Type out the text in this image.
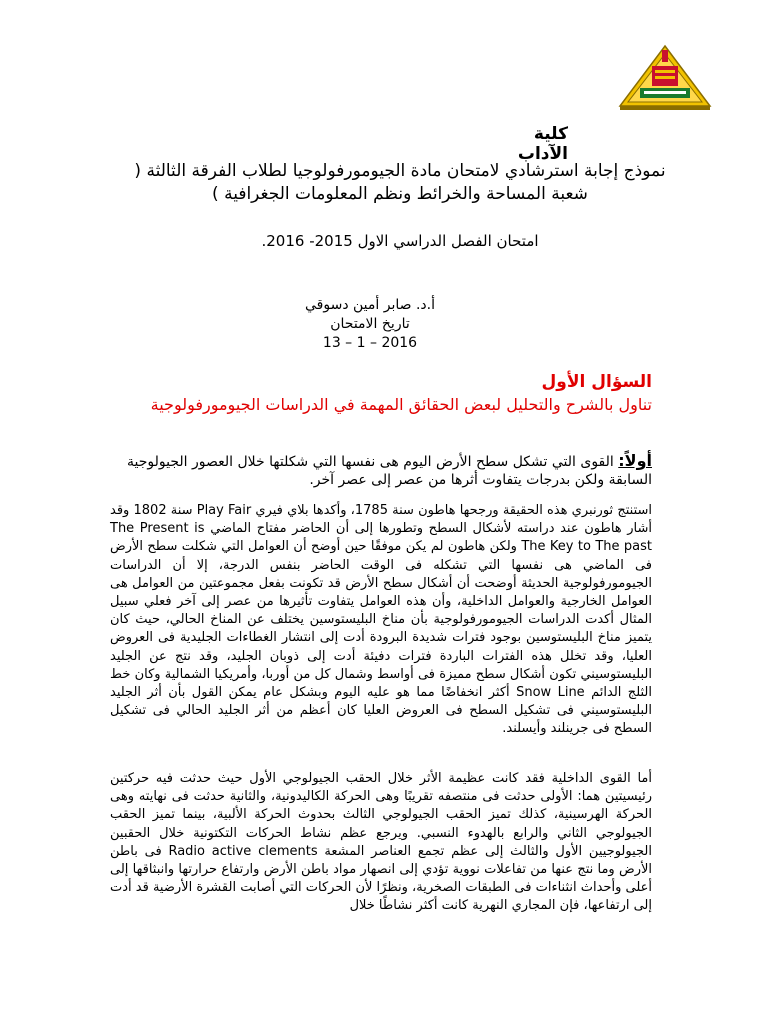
كلية الآداب
نموذج إجابة استرشادي لامتحان مادة الجيومورفولوجيا لطلاب الفرقة الثالثة ( شعبة المساحة والخرائط ونظم المعلومات الجغرافية )
امتحان الفصل الدراسي الاول 2015- 2016.
أ.د. صابر أمين دسوقي
تاريخ الامتحان
13 – 1 – 2016
السؤال الأول
تناول بالشرح والتحليل لبعض الحقائق المهمة في الدراسات الجيومورفولوجية
أولاً: القوى التي تشكل سطح الأرض اليوم هى نفسها التي شكلتها خلال العصور الجيولوجية السابقة ولكن بدرجات يتفاوت أثرها من عصر إلى عصر آخر.
استنتج ثورنبري هذه الحقيقة ورجحها هاطون سنة 1785، وأكدها بلاي فيري Play Fair سنة 1802 وقد أشار هاطون عند دراسته لأشكال السطح وتطورها إلى أن الحاضر مفتاح الماضي The Present is The Key to The past ولكن هاطون لم يكن موفقًا حين أوضح أن العوامل التي شكلت سطح الأرض فى الماضي هى نفسها التي تشكله فى الوقت الحاضر بنفس الدرجة، إلا أن الدراسات الجيومورفولوجية الحديثة أوضحت أن أشكال سطح الأرض قد تكونت بفعل مجموعتين من العوامل هى العوامل الخارجية والعوامل الداخلية، وأن هذه العوامل يتفاوت تأثيرها من عصر إلى آخر فعلي سبيل المثال أكدت الدراسات الجيومورفولوجية بأن مناخ البليستوسين يختلف عن المناخ الحالي، حيث كان يتميز مناخ البليستوسين بوجود فترات شديدة البرودة أدت إلى انتشار الغطاءات الجليدية فى العروض العليا، وقد تخلل هذه الفترات الباردة فترات دفيئة أدت إلى ذوبان الجليد، وقد نتج عن الجليد البليستوسيني تكون أشكال سطح مميزة فى أواسط وشمال كل من أوربا، وأمريكيا الشمالية وكان خط الثلج الدائم Snow Line أكثر انخفاضًا مما هو عليه اليوم وبشكل عام يمكن القول بأن أثر الجليد البليستوسيني فى تشكيل السطح فى العروض العليا كان أعظم من أثر الجليد الحالي فى تشكيل السطح فى جرينلند وأيسلند.
أما القوى الداخلية فقد كانت عظيمة الأثر خلال الحقب الجيولوجي الأول حيث حدثت فيه حركتين رئيسيتين هما: الأولى حدثت فى منتصفه تقريبًا وهى الحركة الكاليدونية، والثانية حدثت فى نهايته وهى الحركة الهرسينية، كذلك تميز الحقب الجيولوجي الثالث بحدوث الحركة الألبية، بينما تميز الحقب الجيولوجي الثاني والرابع بالهدوء النسبي. ويرجع عظم نشاط الحركات التكتونية خلال الحقبين الجيولوجيين الأول والثالث إلى عظم تجمع العناصر المشعة Radio active clements فى باطن الأرض وما نتج عنها من تفاعلات نووية تؤدي إلى انصهار مواد باطن الأرض وارتفاع حرارتها وانبثاقها إلى أعلى وأحداث انثناءات فى الطبقات الصخرية، ونظرًا لأن الحركات التي أصابت القشرة الأرضية قد أدت إلى ارتفاعها، فإن المجاري النهرية كانت أكثر نشاطًا خلال
